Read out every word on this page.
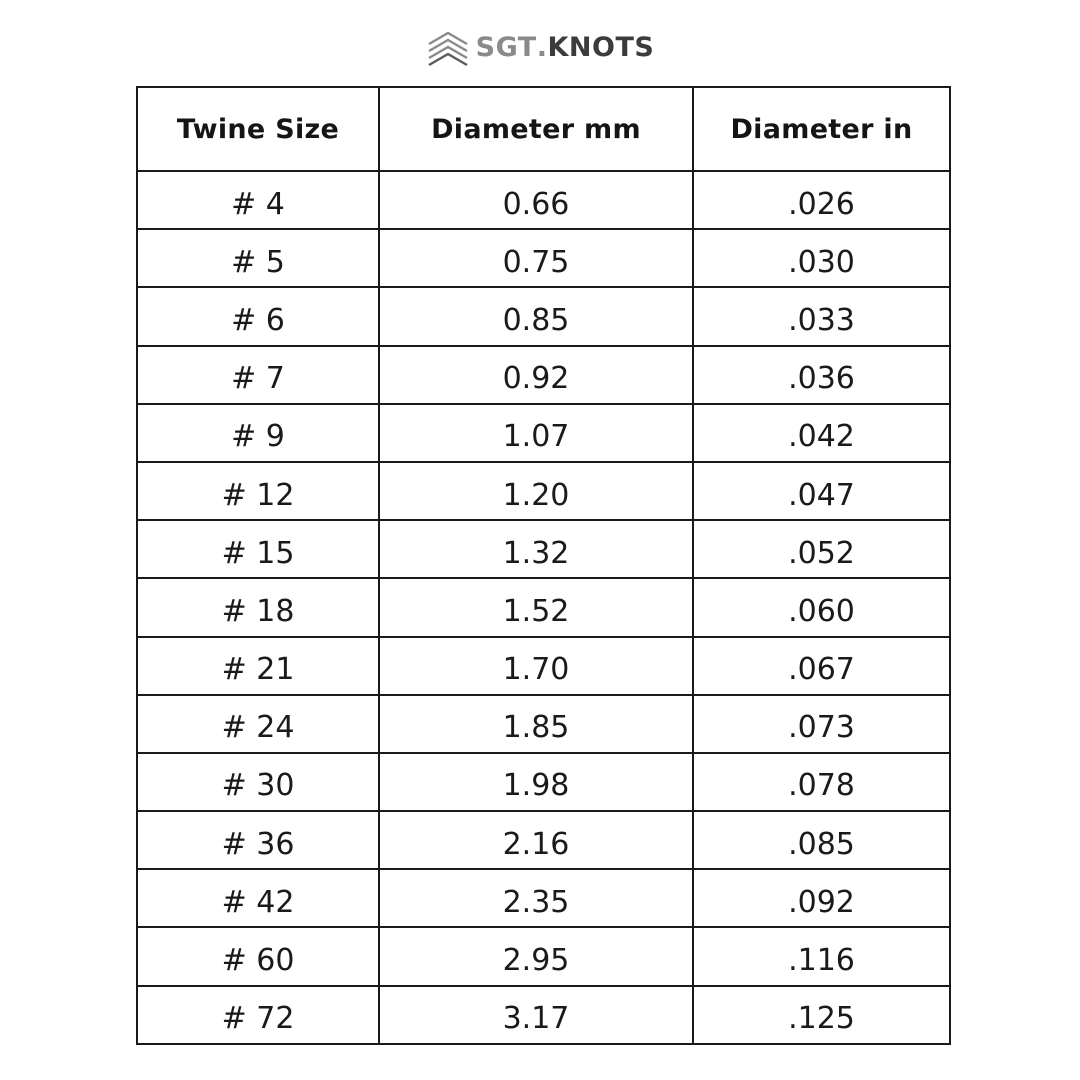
SGT . KNOTS
Twine Size	Diameter mm	Diameter in
# 4	0.66	.026
# 5	0.75	.030
# 6	0.85	.033
# 7	0.92	.036
# 9	1.07	.042
# 12	1.20	.047
# 15	1.32	.052
# 18	1.52	.060
# 21	1.70	.067
# 24	1.85	.073
# 30	1.98	.078
# 36	2.16	.085
# 42	2.35	.092
# 60	2.95	.116
# 72	3.17	.125
